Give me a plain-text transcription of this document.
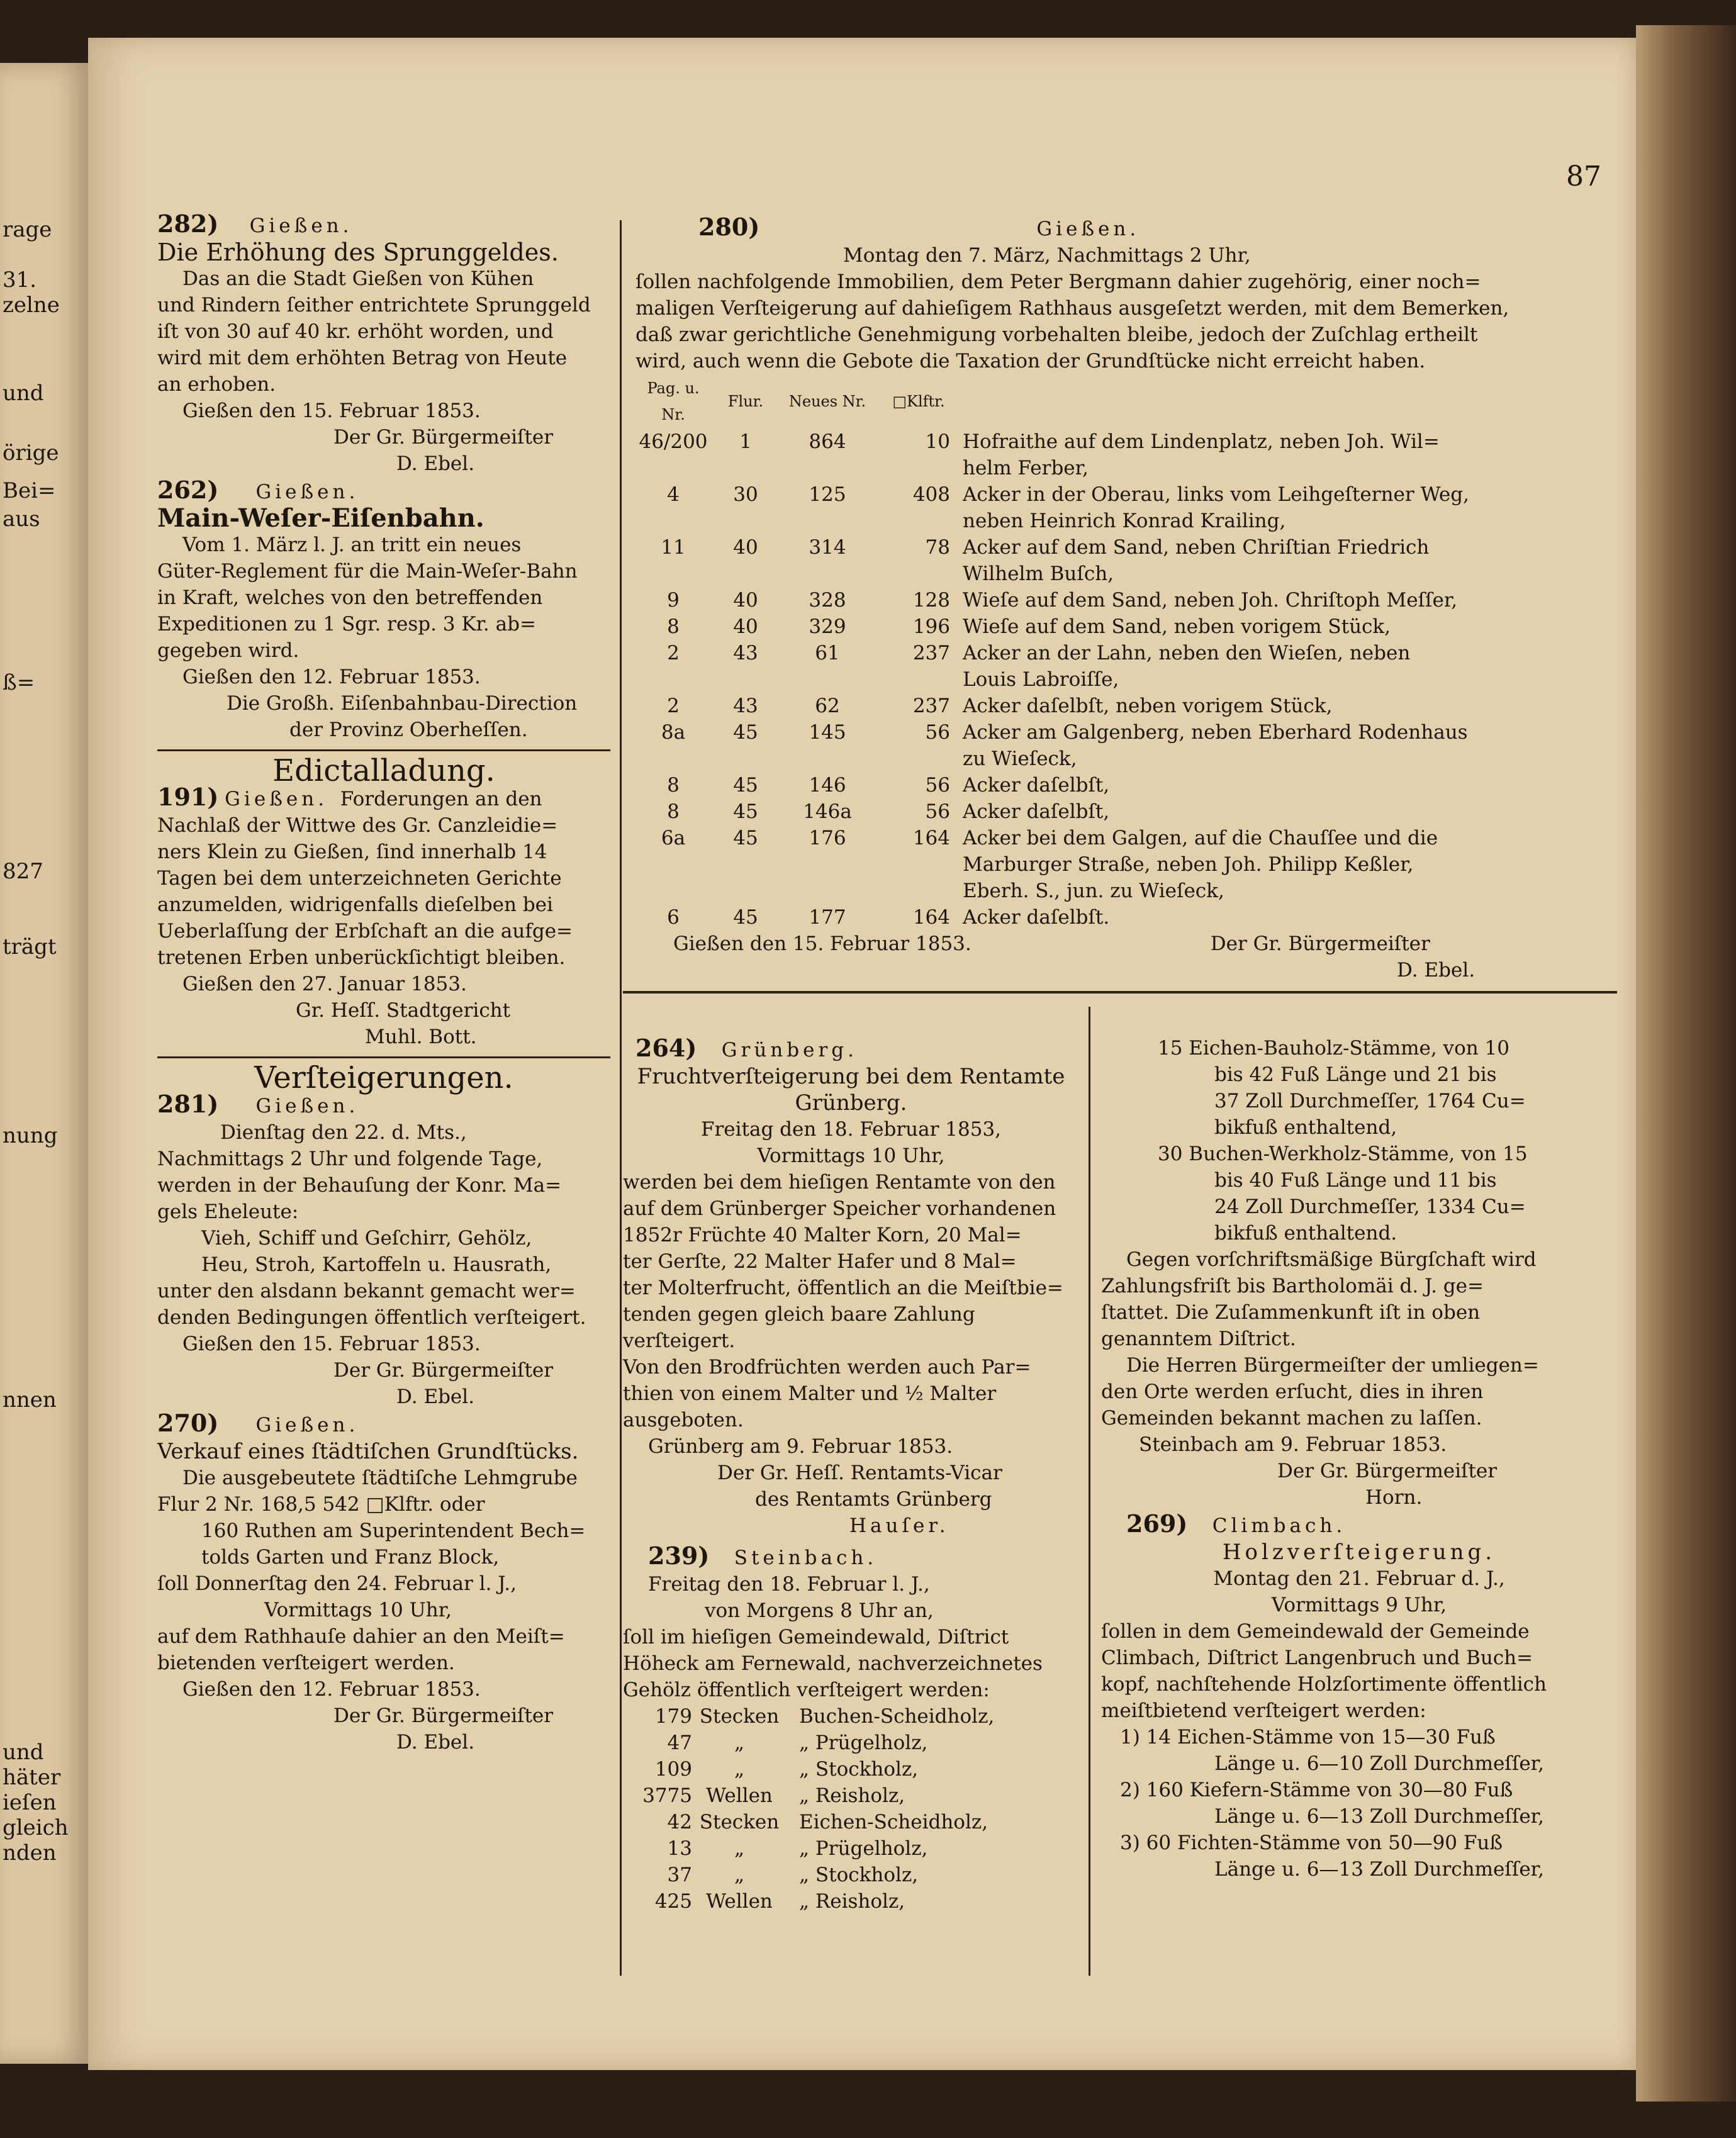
rage
31.
zelne
und
örige
Bei=
aus
ß=
827
trägt
nung
nnen
und
häter
ieſen
gleich
nden
87

282) Gießen.

Die Erhöhung des Sprunggeldes.

Das an die Stadt Gießen von Kühen

und Rindern ſeither entrichtete Sprunggeld

iſt von 30 auf 40 kr. erhöht worden, und

wird mit dem erhöhten Betrag von Heute

an erhoben.

Gießen den 15. Februar 1853.

Der Gr. Bürgermeiſter

D. Ebel.

262) Gießen.

Main-Weſer-Eiſenbahn.

Vom 1. März l. J. an tritt ein neues

Güter-Reglement für die Main-Weſer-Bahn

in Kraft, welches von den betreffenden

Expeditionen zu 1 Sgr. resp. 3 Kr. ab=

gegeben wird.

Gießen den 12. Februar 1853.

Die Großh. Eiſenbahnbau-Direction

der Provinz Oberheſſen.

Edictalladung.

191) Gießen. Forderungen an den

Nachlaß der Wittwe des Gr. Canzleidie=

ners Klein zu Gießen, ſind innerhalb 14

Tagen bei dem unterzeichneten Gerichte

anzumelden, widrigenfalls dieſelben bei

Ueberlaſſung der Erbſchaft an die aufge=

tretenen Erben unberückſichtigt bleiben.

Gießen den 27. Januar 1853.

Gr. Heſſ. Stadtgericht

Muhl. Bott.

Verſteigerungen.

281) Gießen.

Dienſtag den 22. d. Mts.,

Nachmittags 2 Uhr und folgende Tage,

werden in der Behauſung der Konr. Ma=

gels Eheleute:

Vieh, Schiff und Geſchirr, Gehölz,

Heu, Stroh, Kartoffeln u. Hausrath,

unter den alsdann bekannt gemacht wer=

denden Bedingungen öffentlich verſteigert.

Gießen den 15. Februar 1853.

Der Gr. Bürgermeiſter

D. Ebel.

270) Gießen.

Verkauf eines ſtädtiſchen Grundſtücks.

Die ausgebeutete ſtädtiſche Lehmgrube

Flur 2 Nr. 168,5 542 □Klftr. oder

160 Ruthen am Superintendent Bech=

tolds Garten und Franz Block,

ſoll Donnerſtag den 24. Februar l. J.,

Vormittags 10 Uhr,

auf dem Rathhauſe dahier an den Meiſt=

bietenden verſteigert werden.

Gießen den 12. Februar 1853.

Der Gr. Bürgermeiſter

D. Ebel.

280)	Gießen.

Montag den 7. März, Nachmittags 2 Uhr,

ſollen nachfolgende Immobilien, dem Peter Bergmann dahier zugehörig, einer noch=

maligen Verſteigerung auf dahieſigem Rathhaus ausgeſetzt werden, mit dem Bemerken,

daß zwar gerichtliche Genehmigung vorbehalten bleibe, jedoch der Zuſchlag ertheilt

wird, auch wenn die Gebote die Taxation der Grundſtücke nicht erreicht haben.

Pag. u. Nr.	Flur.	Neues Nr.	□Klftr.	
46/200	1	864	10	Hofraithe auf dem Lindenplatz, neben Joh. Wil=
helm Ferber,

4	30	125	408	Acker in der Oberau, links vom Leihgeſterner Weg,
neben Heinrich Konrad Krailing,

11	40	314	78	Acker auf dem Sand, neben Chriſtian Friedrich
Wilhelm Buſch,

9	40	328	128	Wieſe auf dem Sand, neben Joh. Chriſtoph Meſſer,

8	40	329	196	Wieſe auf dem Sand, neben vorigem Stück,

2	43	61	237	Acker an der Lahn, neben den Wieſen, neben
Louis Labroiſſe,

2	43	62	237	Acker daſelbſt, neben vorigem Stück,

8a	45	145	56	Acker am Galgenberg, neben Eberhard Rodenhaus
zu Wieſeck,

8	45	146	56	Acker daſelbſt,

8	45	146a	56	Acker daſelbſt,

6a	45	176	164	Acker bei dem Galgen, auf die Chauſſee und die
Marburger Straße, neben Joh. Philipp Keßler,
Eberh. S., jun. zu Wieſeck,

6	45	177	164	Acker daſelbſt.

Gießen den 15. Februar 1853.	Der Gr. Bürgermeiſter

D. Ebel.

264) Grünberg.

Fruchtverſteigerung bei dem Rentamte

Grünberg.

Freitag den 18. Februar 1853,

Vormittags 10 Uhr,

werden bei dem hieſigen Rentamte von den

auf dem Grünberger Speicher vorhandenen

1852r Früchte 40 Malter Korn, 20 Mal=

ter Gerſte, 22 Malter Hafer und 8 Mal=

ter Molterfrucht, öffentlich an die Meiſtbie=

tenden gegen gleich baare Zahlung verſteigert.

Von den Brodfrüchten werden auch Par=

thien von einem Malter und ½ Malter

ausgeboten.

Grünberg am 9. Februar 1853.

Der Gr. Heſſ. Rentamts-Vicar

des Rentamts Grünberg

Hauſer.

239) Steinbach.

Freitag den 18. Februar l. J.,

von Morgens 8 Uhr an,

ſoll im hieſigen Gemeindewald, Diſtrict

Höheck am Fernewald, nachverzeichnetes

Gehölz öffentlich verſteigert werden:

179 Stecken	Buchen-Scheidholz,
47	„	„ Prügelholz,
109	„	„ Stockholz,
3775 Wellen	„ Reisholz,
42 Stecken	Eichen-Scheidholz,
13	„	„ Prügelholz,
37	„	„ Stockholz,
425 Wellen	„ Reisholz,

15 Eichen-Bauholz-Stämme, von 10

bis 42 Fuß Länge und 21 bis

37 Zoll Durchmeſſer, 1764 Cu=

bikfuß enthaltend,

30 Buchen-Werkholz-Stämme, von 15

bis 40 Fuß Länge und 11 bis

24 Zoll Durchmeſſer, 1334 Cu=

bikfuß enthaltend.

Gegen vorſchriftsmäßige Bürgſchaft wird

Zahlungsfriſt bis Bartholomäi d. J. ge=

ſtattet. Die Zuſammenkunft iſt in oben

genanntem Diſtrict.

Die Herren Bürgermeiſter der umliegen=

den Orte werden erſucht, dies in ihren

Gemeinden bekannt machen zu laſſen.

Steinbach am 9. Februar 1853.

Der Gr. Bürgermeiſter

Horn.

269) Climbach.

Holzverſteigerung.

Montag den 21. Februar d. J.,

Vormittags 9 Uhr,

ſollen in dem Gemeindewald der Gemeinde

Climbach, Diſtrict Langenbruch und Buch=

kopf, nachſtehende Holzſortimente öffentlich

meiſtbietend verſteigert werden:

1) 14 Eichen-Stämme von 15—30 Fuß

Länge u. 6—10 Zoll Durchmeſſer,

2) 160 Kiefern-Stämme von 30—80 Fuß

Länge u. 6—13 Zoll Durchmeſſer,

3) 60 Fichten-Stämme von 50—90 Fuß

Länge u. 6—13 Zoll Durchmeſſer,
